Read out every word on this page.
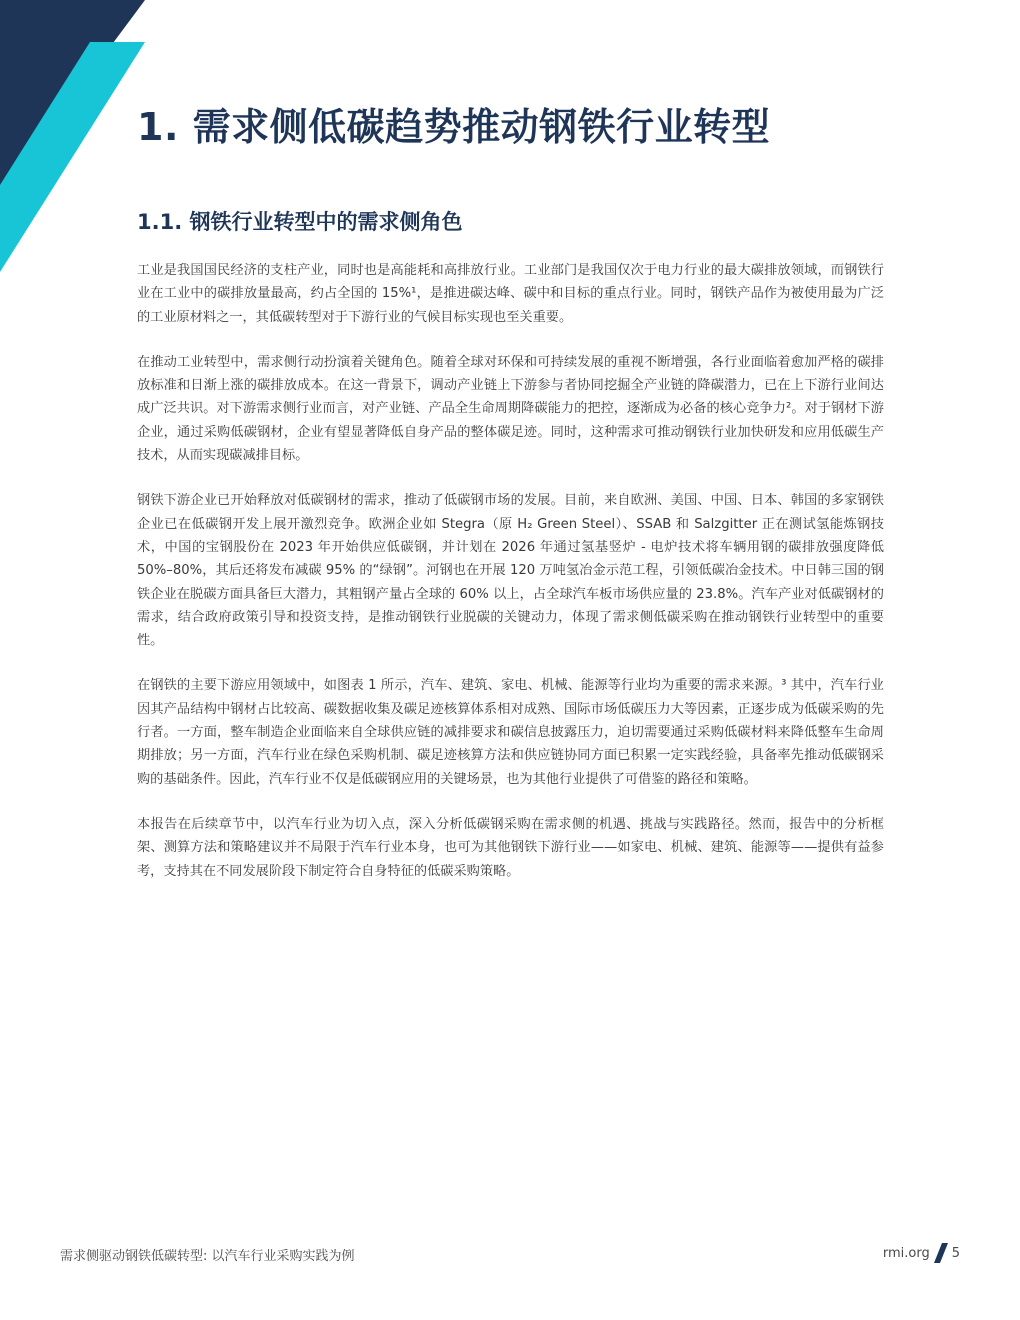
1. 需求侧低碳趋势推动钢铁行业转型
1.1. 钢铁行业转型中的需求侧角色

工业是我国国民经济的支柱产业，同时也是高能耗和高排放行业。工业部门是我国仅次于电力行业的最大碳排放领域，而钢铁行业在工业中的碳排放量最高，约占全国的 15%¹，是推进碳达峰、碳中和目标的重点行业。同时，钢铁产品作为被使用最为广泛的工业原材料之一，其低碳转型对于下游行业的气候目标实现也至关重要。

在推动工业转型中，需求侧行动扮演着关键角色。随着全球对环保和可持续发展的重视不断增强，各行业面临着愈加严格的碳排放标准和日渐上涨的碳排放成本。在这一背景下，调动产业链上下游参与者协同挖掘全产业链的降碳潜力，已在上下游行业间达成广泛共识。对下游需求侧行业而言，对产业链、产品全生命周期降碳能力的把控，逐渐成为必备的核心竞争力²。对于钢材下游企业，通过采购低碳钢材，企业有望显著降低自身产品的整体碳足迹。同时，这种需求可推动钢铁行业加快研发和应用低碳生产技术，从而实现碳减排目标。

钢铁下游企业已开始释放对低碳钢材的需求，推动了低碳钢市场的发展。目前，来自欧洲、美国、中国、日本、韩国的多家钢铁企业已在低碳钢开发上展开激烈竞争。欧洲企业如 Stegra（原 H₂ Green Steel）、SSAB 和 Salzgitter 正在测试氢能炼钢技术，中国的宝钢股份在 2023 年开始供应低碳钢，并计划在 2026 年通过氢基竖炉 - 电炉技术将车辆用钢的碳排放强度降低 50%–80%，其后还将发布减碳 95% 的“绿钢”。河钢也在开展 120 万吨氢冶金示范工程，引领低碳冶金技术。中日韩三国的钢铁企业在脱碳方面具备巨大潜力，其粗钢产量占全球的 60% 以上，占全球汽车板市场供应量的 23.8%。汽车产业对低碳钢材的需求，结合政府政策引导和投资支持，是推动钢铁行业脱碳的关键动力，体现了需求侧低碳采购在推动钢铁行业转型中的重要性。

在钢铁的主要下游应用领域中，如图表 1 所示，汽车、建筑、家电、机械、能源等行业均为重要的需求来源。³ 其中，汽车行业因其产品结构中钢材占比较高、碳数据收集及碳足迹核算体系相对成熟、国际市场低碳压力大等因素，正逐步成为低碳采购的先行者。一方面，整车制造企业面临来自全球供应链的减排要求和碳信息披露压力，迫切需要通过采购低碳材料来降低整车生命周期排放；另一方面，汽车行业在绿色采购机制、碳足迹核算方法和供应链协同方面已积累一定实践经验，具备率先推动低碳钢采购的基础条件。因此，汽车行业不仅是低碳钢应用的关键场景，也为其他行业提供了可借鉴的路径和策略。

本报告在后续章节中，以汽车行业为切入点，深入分析低碳钢采购在需求侧的机遇、挑战与实践路径。然而，报告中的分析框架、测算方法和策略建议并不局限于汽车行业本身，也可为其他钢铁下游行业——如家电、机械、建筑、能源等——提供有益参考，支持其在不同发展阶段下制定符合自身特征的低碳采购策略。

需求侧驱动钢铁低碳转型: 以汽车行业采购实践为例	rmi.org 5
